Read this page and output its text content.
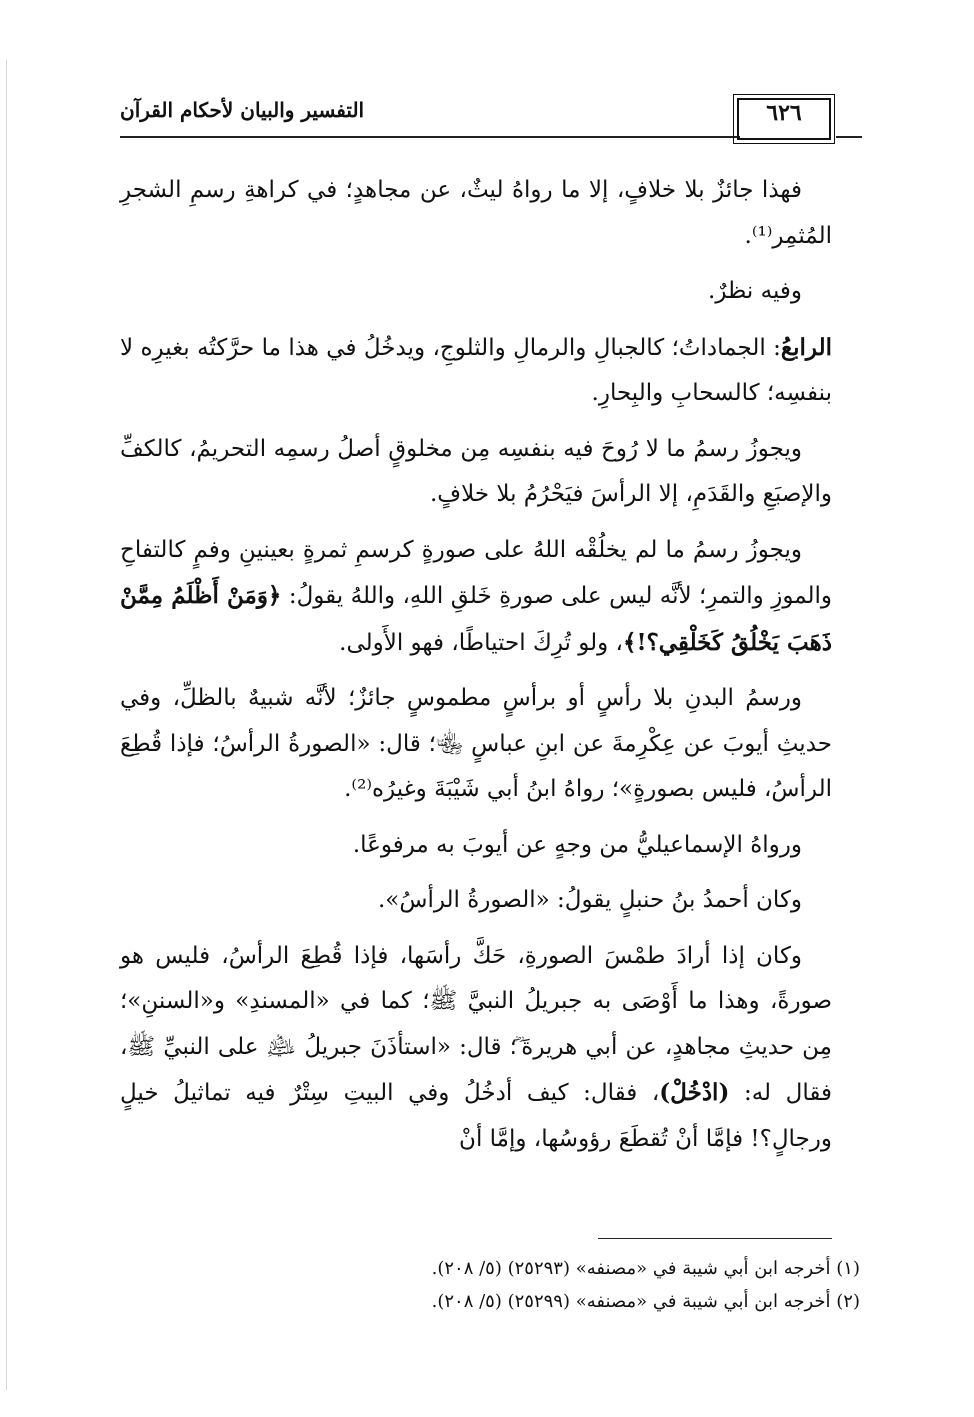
التفسير والبيان لأحكام القرآن	٦٢٦

فهذا جائزٌ بلا خلافٍ، إلا ما رواهُ ليثٌ، عن مجاهدٍ؛ في كراهةِ رسمِ الشجرِ المُثمِر⁽¹⁾.

وفيه نظرٌ.

الرابعُ: الجماداتُ؛ كالجبالِ والرمالِ والثلوجِ، ويدخُلُ في هذا ما حرَّكتُه بغيرِه لا بنفسِه؛ كالسحابِ والبِحارِ.

ويجوزُ رسمُ ما لا رُوحَ فيه بنفسِه مِن مخلوقٍ أصلُ رسمِه التحريمُ، كالكفِّ والإصبَعِ والقَدَمِ، إلا الرأسَ فيَحْرُمُ بلا خلافٍ.

ويجوزُ رسمُ ما لم يخلُقْه اللهُ على صورةٍ كرسمِ ثمرةٍ بعينينِ وفمٍ كالتفاحِ والموزِ والتمرِ؛ لأنَّه ليس على صورةِ خَلقِ اللهِ، واللهُ يقولُ: ﴿وَمَنْ أَظْلَمُ مِمَّنْ ذَهَبَ يَخْلُقُ كَخَلْقِي؟!﴾، ولو تُرِكَ احتياطًا، فهو الأَولى.

ورسمُ البدنِ بلا رأسٍ أو برأسٍ مطموسٍ جائزٌ؛ لأنَّه شبيهٌ بالظلِّ، وفي حديثِ أيوبَ عن عِكْرِمةَ عن ابنِ عباسٍ ﵄؛ قال: «الصورةُ الرأسُ؛ فإذا قُطِعَ الرأسُ، فليس بصورةٍ»؛ رواهُ ابنُ أبي شَيْبَةَ وغيرُه⁽²⁾.

ورواهُ الإسماعيليُّ من وجهٍ عن أيوبَ به مرفوعًا.

وكان أحمدُ بنُ حنبلٍ يقولُ: «الصورةُ الرأسُ».

وكان إذا أرادَ طمْسَ الصورةِ، حَكَّ رأسَها، فإذا قُطِعَ الرأسُ، فليس هو صورةً، وهذا ما أَوْصَى به جبريلُ النبيَّ ﷺ؛ كما في «المسندِ» و«السننِ»؛ مِن حديثِ مجاهدٍ، عن أبي هريرةَ ؓ؛ قال: «استأذَنَ جبريلُ ﵇ على النبيِّ ﷺ، فقال له: (ادْخُلْ)، فقال: كيف أدخُلُ وفي البيتِ سِتْرٌ فيه تماثيلُ خيلٍ ورجالٍ؟! فإمَّا أنْ تُقطَعَ رؤوسُها، وإمَّا أنْ

(١) أخرجه ابن أبي شيبة في «مصنفه» (٢٥٢٩٣) (٥/ ٢٠٨).
(٢) أخرجه ابن أبي شيبة في «مصنفه» (٢٥٢٩٩) (٥/ ٢٠٨).
